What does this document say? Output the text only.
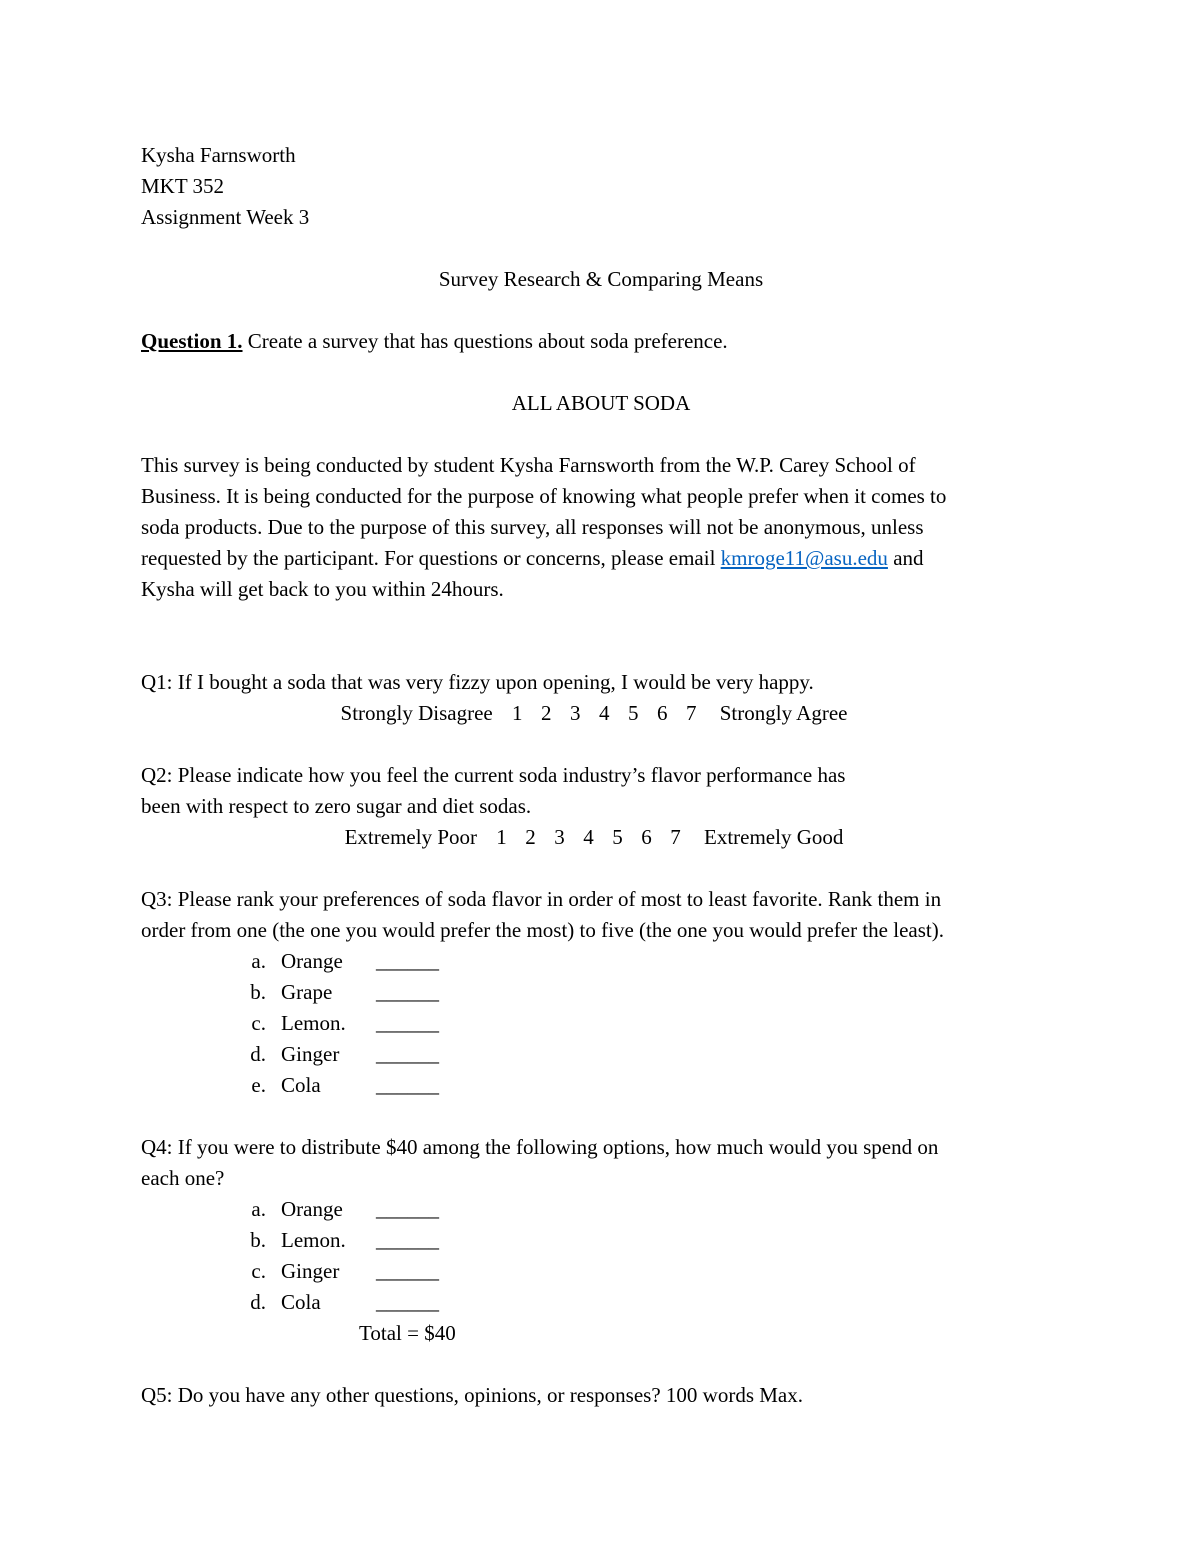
Kysha Farnsworth
MKT 352
Assignment Week 3
Survey Research & Comparing Means
Question 1. Create a survey that has questions about soda preference.
ALL ABOUT SODA
This survey is being conducted by student Kysha Farnsworth from the W.P. Carey School of
Business. It is being conducted for the purpose of knowing what people prefer when it comes to
soda products. Due to the purpose of this survey, all responses will not be anonymous, unless
requested by the participant. For questions or concerns, please email kmroge11@asu.edu and
Kysha will get back to you within 24hours.
Q1: If I bought a soda that was very fizzy upon opening, I would be very happy.
Strongly Disagree 1 2 3 4 5 6 7	Strongly Agree
Q2: Please indicate how you feel the current soda industry’s flavor performance has
been with respect to zero sugar and diet sodas.
Extremely Poor 1 2 3 4 5 6 7	Extremely Good
Q3: Please rank your preferences of soda flavor in order of most to least favorite. Rank them in
order from one (the one you would prefer the most) to five (the one you would prefer the least).
a. Orange	______
b. Grape	______
c. Lemon.	______
d. Ginger	______
e. Cola	______
Q4: If you were to distribute $40 among the following options, how much would you spend on
each one?
a. Orange	______
b. Lemon.	______
c. Ginger	______
d. Cola	______
Total = $40
Q5: Do you have any other questions, opinions, or responses? 100 words Max.
